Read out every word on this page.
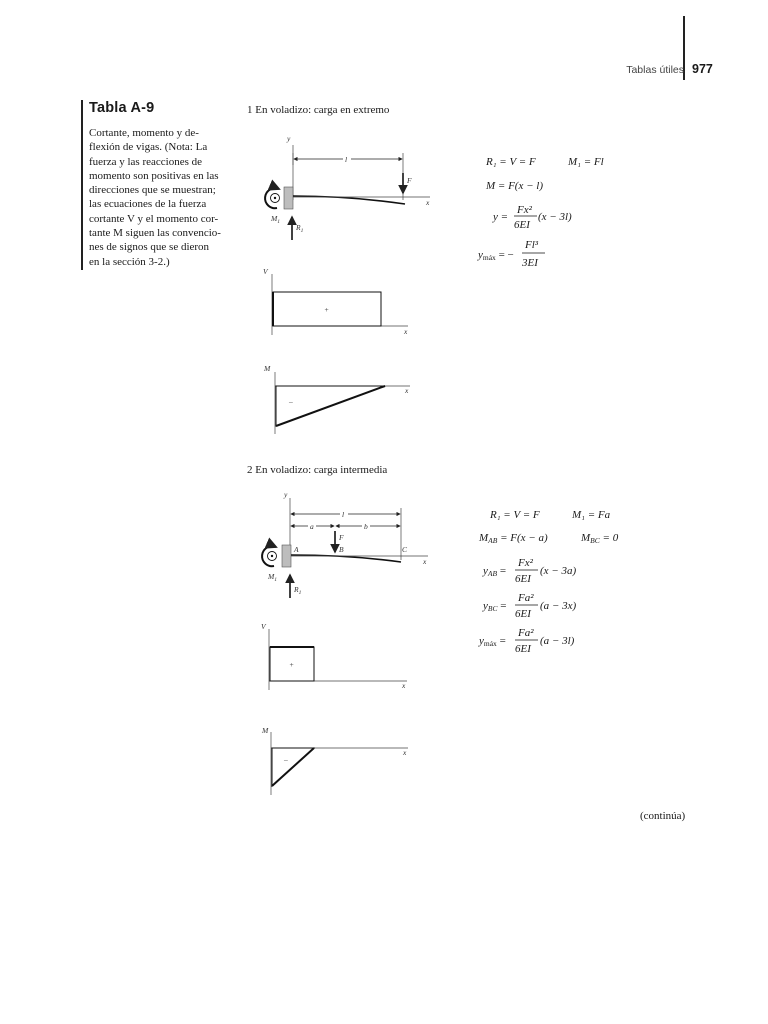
Tablas útiles 977
Tabla A-9
Cortante, momento y de-
flexión de vigas. (Nota: La
fuerza y las reacciones de
momento son positivas en las
direcciones que se muestran;
las ecuaciones de la fuerza
cortante V y el momento cor-
tante M siguen las convencio-
nes de signos que se dieron
en la sección 3-2.)
1 En voladizo: carga en extremo
2 En voladizo: carga intermedia
(continúa)
y
x
l
F
$M_1$
$R_1$
V
x
+
M
x
–
R₁ = V = F	M₁ = Fl
M = F(x − l)
y =
Fx²
6EI
(x − 3l)
ymáx = −
Fl³
3EI
y
x
l
a	b
F
A	B	C
$M_1$
$R_1$
V
x
+
M
x
–
R₁ = V = F	M₁ = Fa
MAB = F(x − a)	MBC = 0
yAB =
Fx²
6EI
(x − 3a)
yBC =
Fa²
6EI
(a − 3x)
ymáx =
Fa²
6EI
(a − 3l)
